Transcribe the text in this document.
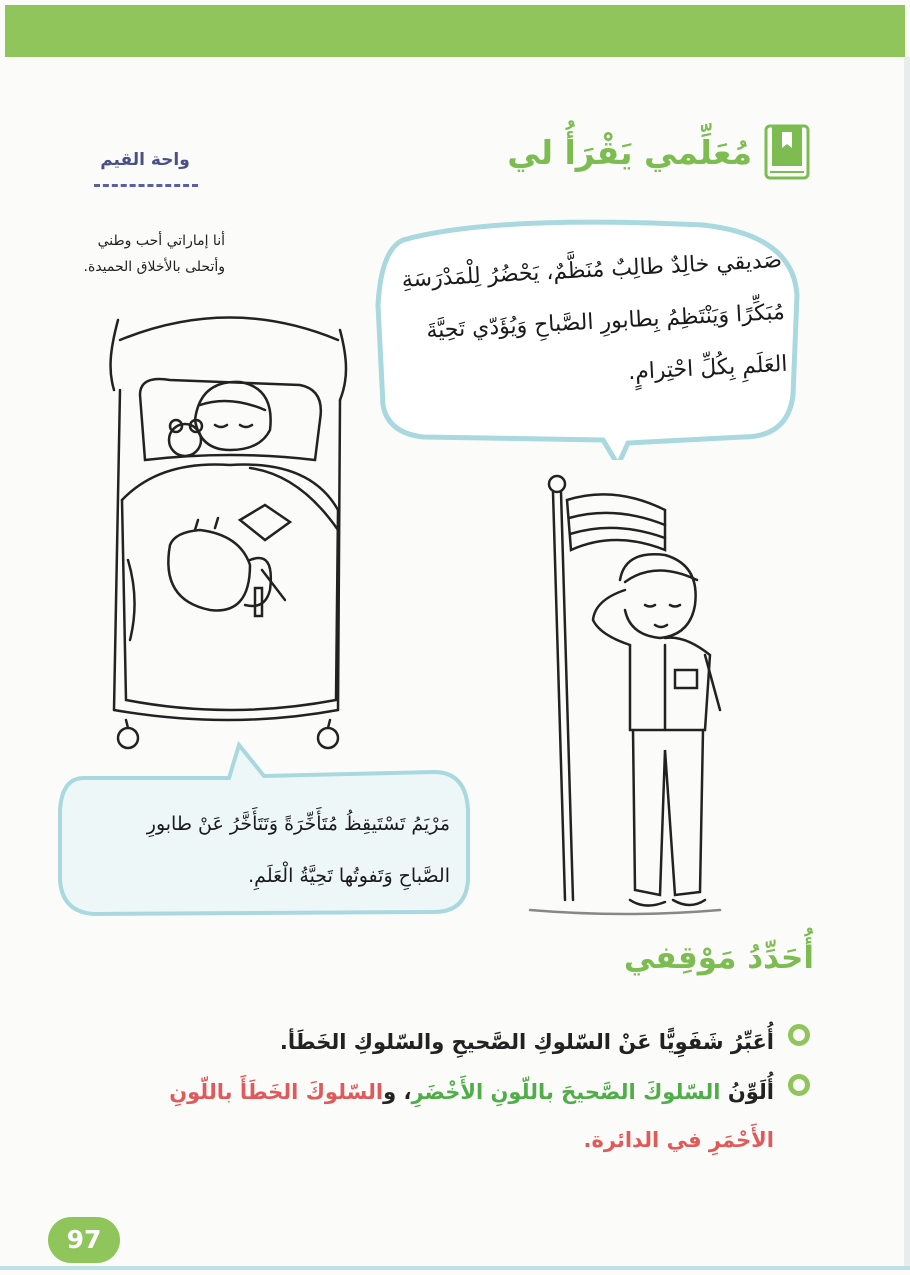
مُعَلِّمي يَقْرَأُ لي
واحة القيم
أنا إماراتي أحب وطني
وأتحلى بالأخلاق الحميدة.	صَديقي خالِدٌ طالِبٌ مُنَظَّمٌ، يَحْضُرُ لِلْمَدْرَسَةِ
مُبَكِّرًا وَيَنْتَظِمُ بِطابورِ الصَّباحِ وَيُؤَدّي تَحِيَّةَ
العَلَمِ بِكُلِّ احْتِرامٍ.
مَرْيَمُ تَسْتَيقِظُ مُتَأَخِّرَةً وَتَتَأَخَّرُ عَنْ طابورِ
الصَّباحِ وَتَفوتُها تَحِيَّةُ الْعَلَمِ.
أُحَدِّدُ مَوْقِفي
أُعَبِّرُ شَفَوِيًّا عَنْ السّلوكِ الصَّحيحِ والسّلوكِ الخَطَأ.
أُلَوِّنُ السّلوكَ الصَّحيحَ باللّونِ الأَخْضَرِ، والسّلوكَ الخَطَأَ باللّونِ الأَحْمَرِ في الدائرة.
97
